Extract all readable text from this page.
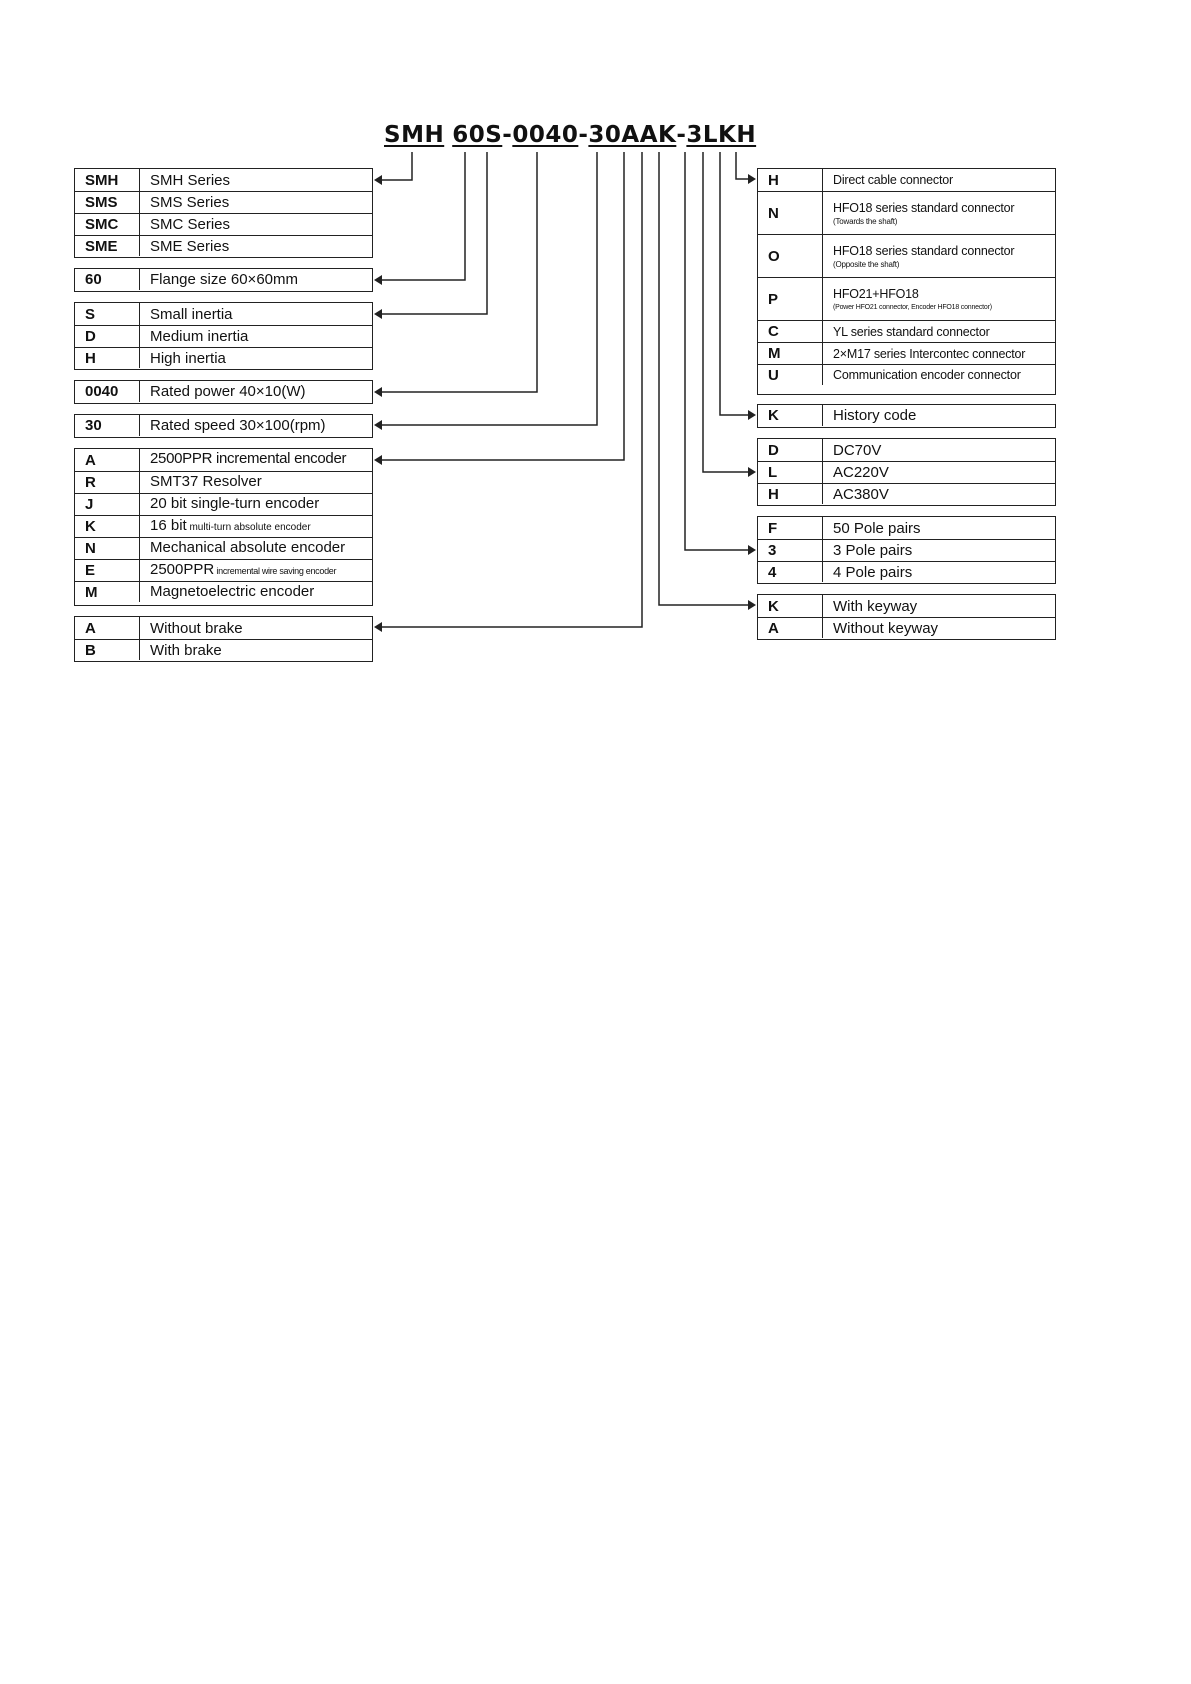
SMH 60S - 0040 - 30AAK - 3LKH
SMH	SMH Series
SMS	SMS Series
SMC	SMC Series
SME	SME Series
60	Flange size 60×60mm
S	Small inertia
D	Medium inertia
H	High inertia
0040	Rated power 40×10(W)
30	Rated speed 30×100(rpm)
A	2500PPR incremental encoder
R	SMT37 Resolver
J	20 bit single-turn encoder
K	16 bit multi-turn absolute encoder
N	Mechanical absolute encoder
E	2500PPR incremental wire saving encoder
M	Magnetoelectric encoder
A	Without brake
B	With brake
H	Direct cable connector
N	HFO18 series standard connector
(Towards the shaft)
O	HFO18 series standard connector
(Opposite the shaft)
P	HFO21+HFO18
(Power HFO21 connector, Encoder HFO18 connector)
C	YL series standard connector
M	2×M17 series Intercontec connector
U	Communication encoder connector
K	History code
D	DC70V
L	AC220V
H	AC380V
F	50 Pole pairs
3	3 Pole pairs
4	4 Pole pairs
K	With keyway
A	Without keyway
